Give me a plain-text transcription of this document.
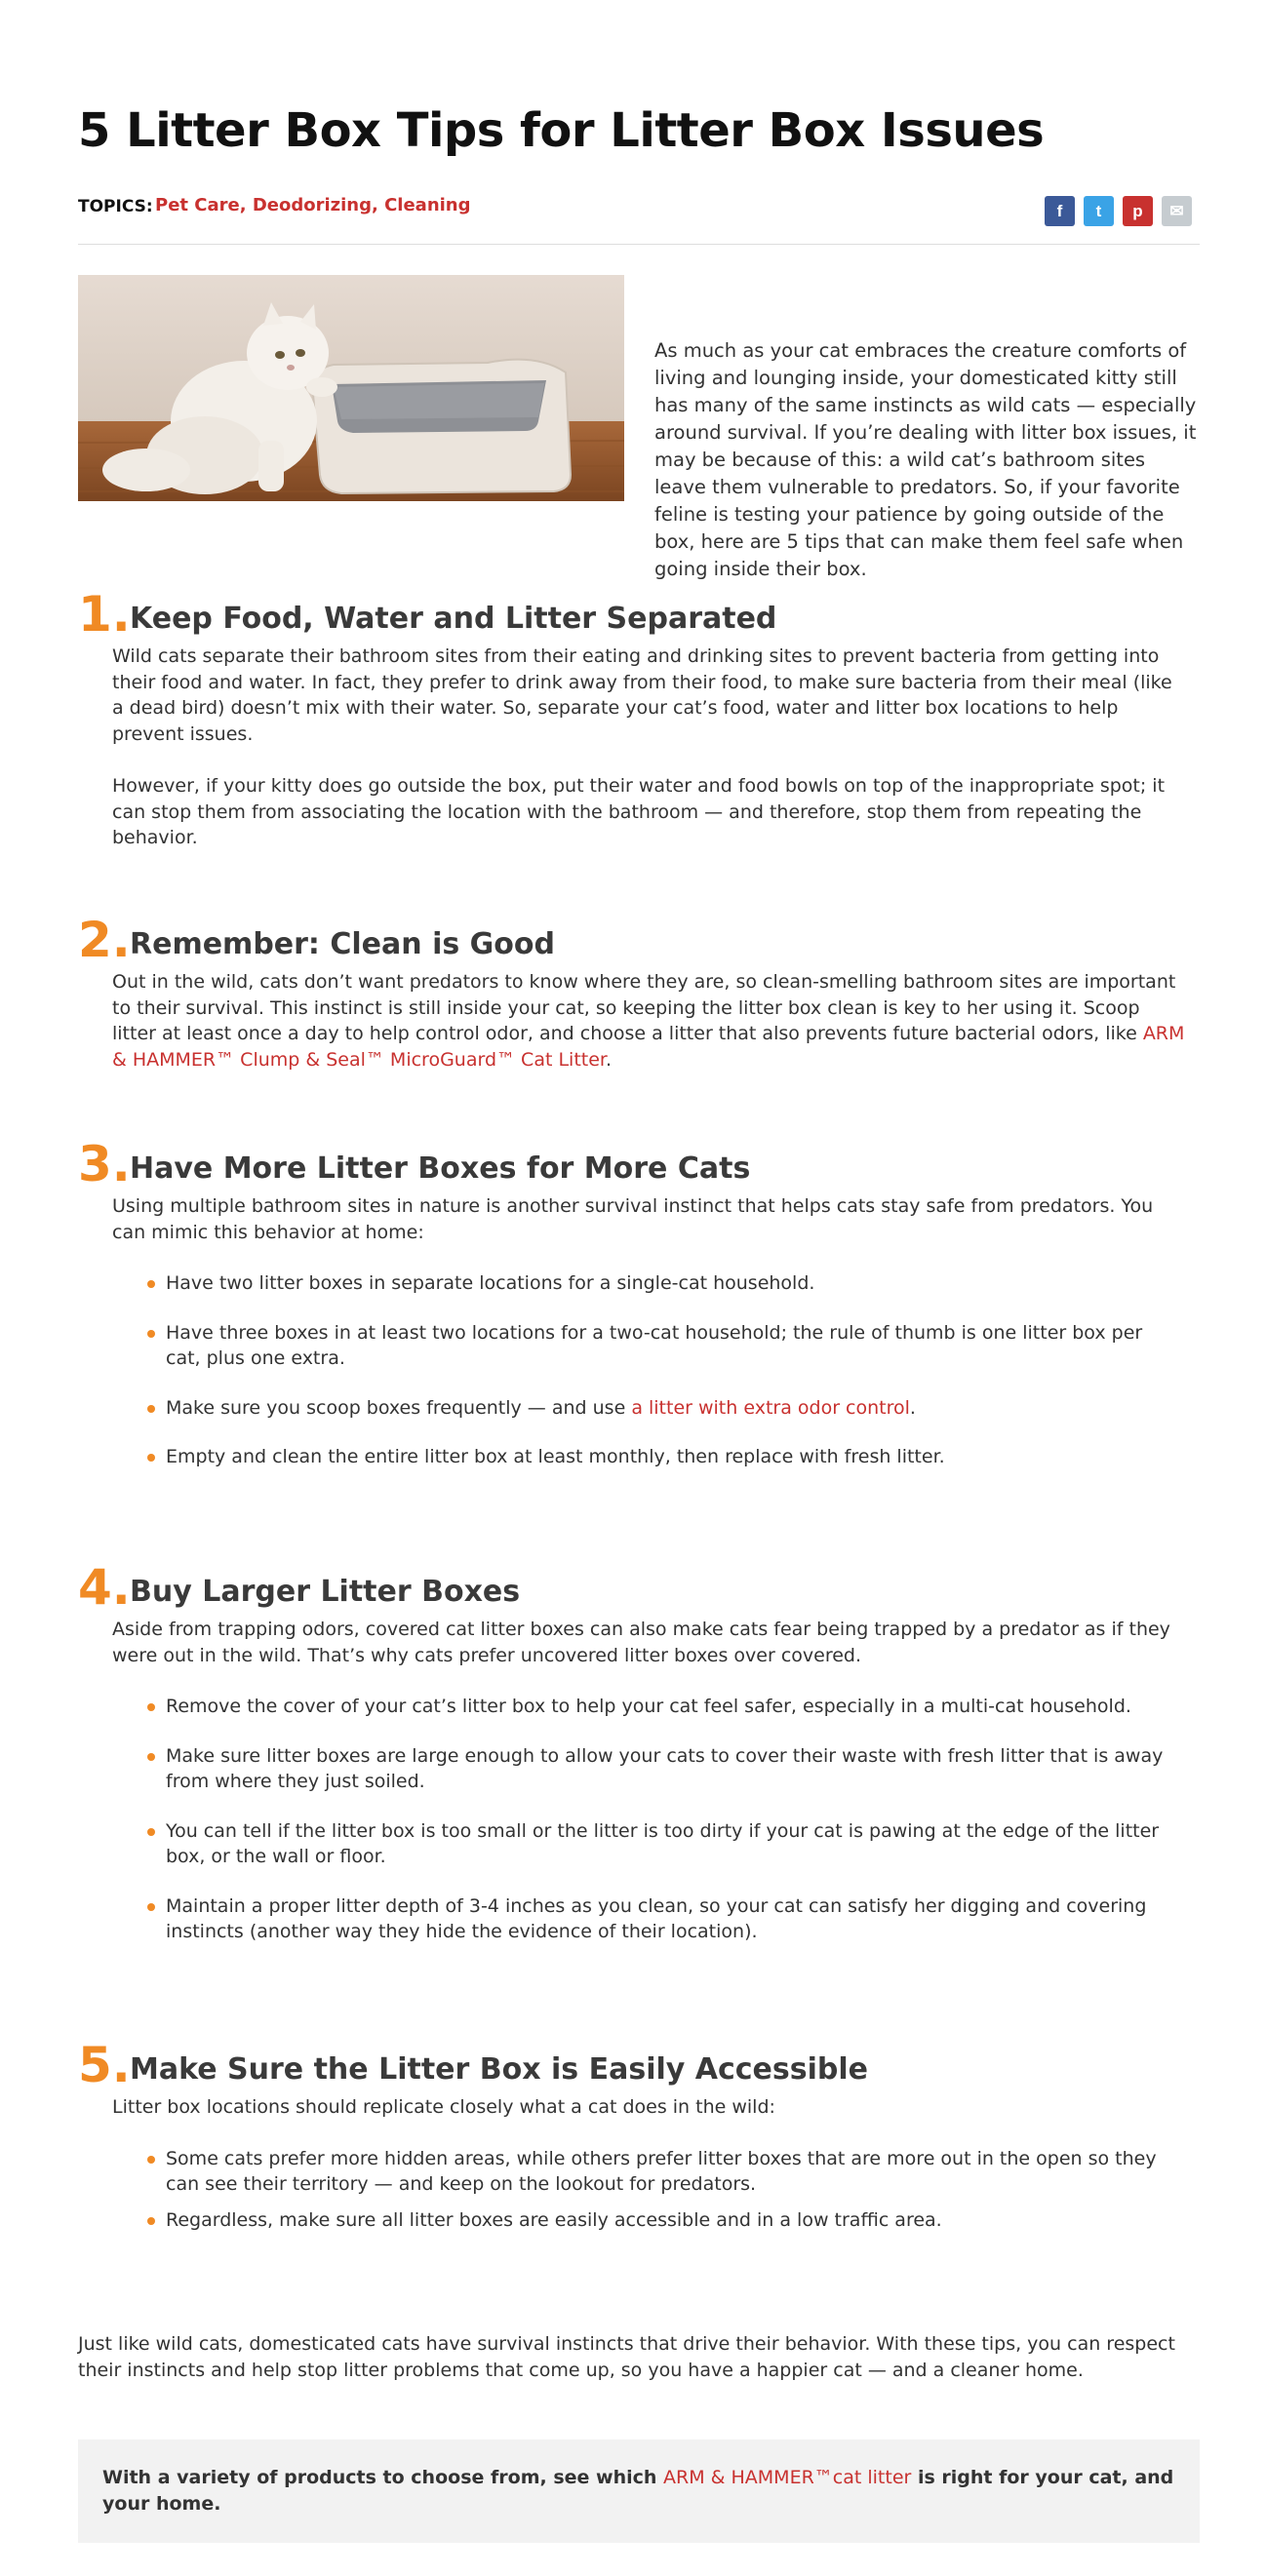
5 Litter Box Tips for Litter Box Issues
TOPICS: Pet Care, Deodorizing, Cleaning	f	t	p	✉

As much as your cat embraces the creature comforts of living and lounging inside, your domesticated kitty still has many of the same instincts as wild cats — especially around survival. If you’re dealing with litter box issues, it may be because of this: a wild cat’s bathroom sites leave them vulnerable to predators. So, if your favorite feline is testing your patience by going outside of the box, here are 5 tips that can make them feel safe when going inside their box.

1. Keep Food, Water and Litter Separated

Wild cats separate their bathroom sites from their eating and drinking sites to prevent bacteria from getting into their food and water. In fact, they prefer to drink away from their food, to make sure bacteria from their meal (like a dead bird) doesn’t mix with their water. So, separate your cat’s food, water and litter box locations to help prevent issues.

However, if your kitty does go outside the box, put their water and food bowls on top of the inappropriate spot; it can stop them from associating the location with the bathroom — and therefore, stop them from repeating the behavior.

2. Remember: Clean is Good

Out in the wild, cats don’t want predators to know where they are, so clean-smelling bathroom sites are important to their survival. This instinct is still inside your cat, so keeping the litter box clean is key to her using it. Scoop litter at least once a day to help control odor, and choose a litter that also prevents future bacterial odors, like ARM & HAMMER™ Clump & Seal™ MicroGuard™ Cat Litter.

3. Have More Litter Boxes for More Cats

Using multiple bathroom sites in nature is another survival instinct that helps cats stay safe from predators. You can mimic this behavior at home:

Have two litter boxes in separate locations for a single-cat household.
Have three boxes in at least two locations for a two-cat household; the rule of thumb is one litter box per cat, plus one extra.
Make sure you scoop boxes frequently — and use a litter with extra odor control.
Empty and clean the entire litter box at least monthly, then replace with fresh litter.
4. Buy Larger Litter Boxes

Aside from trapping odors, covered cat litter boxes can also make cats fear being trapped by a predator as if they were out in the wild. That’s why cats prefer uncovered litter boxes over covered.

Remove the cover of your cat’s litter box to help your cat feel safer, especially in a multi-cat household.
Make sure litter boxes are large enough to allow your cats to cover their waste with fresh litter that is away from where they just soiled.
You can tell if the litter box is too small or the litter is too dirty if your cat is pawing at the edge of the litter box, or the wall or floor.
Maintain a proper litter depth of 3-4 inches as you clean, so your cat can satisfy her digging and covering instincts (another way they hide the evidence of their location).
5. Make Sure the Litter Box is Easily Accessible

Litter box locations should replicate closely what a cat does in the wild:

Some cats prefer more hidden areas, while others prefer litter boxes that are more out in the open so they can see their territory — and keep on the lookout for predators.
Regardless, make sure all litter boxes are easily accessible and in a low traffic area.

Just like wild cats, domesticated cats have survival instincts that drive their behavior. With these tips, you can respect their instincts and help stop litter problems that come up, so you have a happier cat — and a cleaner home.

With a variety of products to choose from, see which ARM & HAMMER™cat litter is right for your cat, and your home.
